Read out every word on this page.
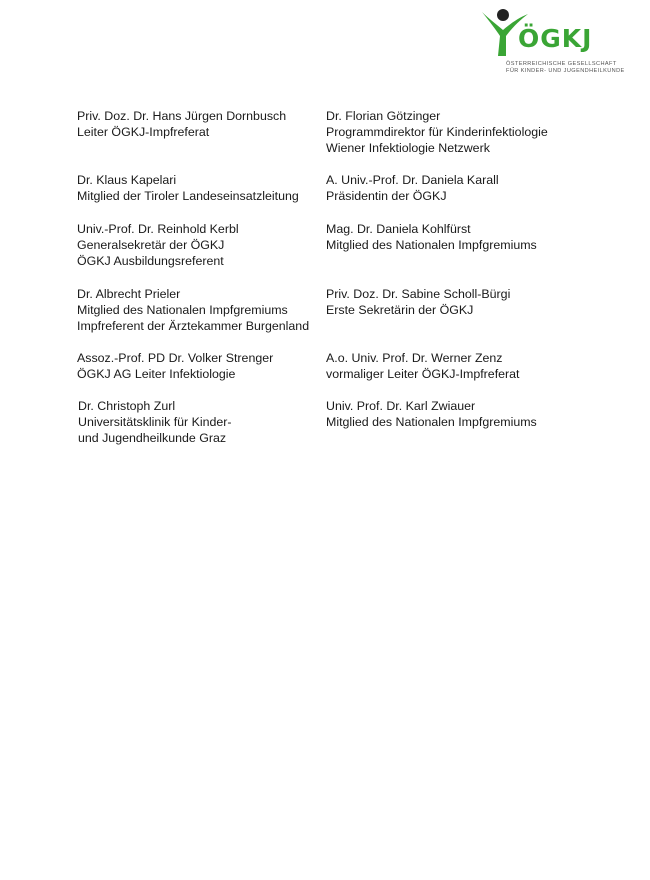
ÖGKJ
ÖSTERREICHISCHE GESELLSCHAFT
FÜR KINDER- UND JUGENDHEILKUNDE
Priv. Doz. Dr. Hans Jürgen Dornbusch
Leiter ÖGKJ-Impfreferat
Dr. Florian Götzinger
Programmdirektor für Kinderinfektiologie
Wiener Infektiologie Netzwerk
Dr. Klaus Kapelari
Mitglied der Tiroler Landeseinsatzleitung
A. Univ.-Prof. Dr. Daniela Karall
Präsidentin der ÖGKJ
Univ.-Prof. Dr. Reinhold Kerbl
Generalsekretär der ÖGKJ
ÖGKJ Ausbildungsreferent
Mag. Dr. Daniela Kohlfürst
Mitglied des Nationalen Impfgremiums
Dr. Albrecht Prieler
Mitglied des Nationalen Impfgremiums
Impfreferent der Ärztekammer Burgenland
Priv. Doz. Dr. Sabine Scholl-Bürgi
Erste Sekretärin der ÖGKJ
Assoz.-Prof. PD Dr. Volker Strenger
ÖGKJ AG Leiter Infektiologie
A.o. Univ. Prof. Dr. Werner Zenz
vormaliger Leiter ÖGKJ-Impfreferat
Dr. Christoph Zurl
Universitätsklinik für Kinder-
und Jugendheilkunde Graz
Univ. Prof. Dr. Karl Zwiauer
Mitglied des Nationalen Impfgremiums
